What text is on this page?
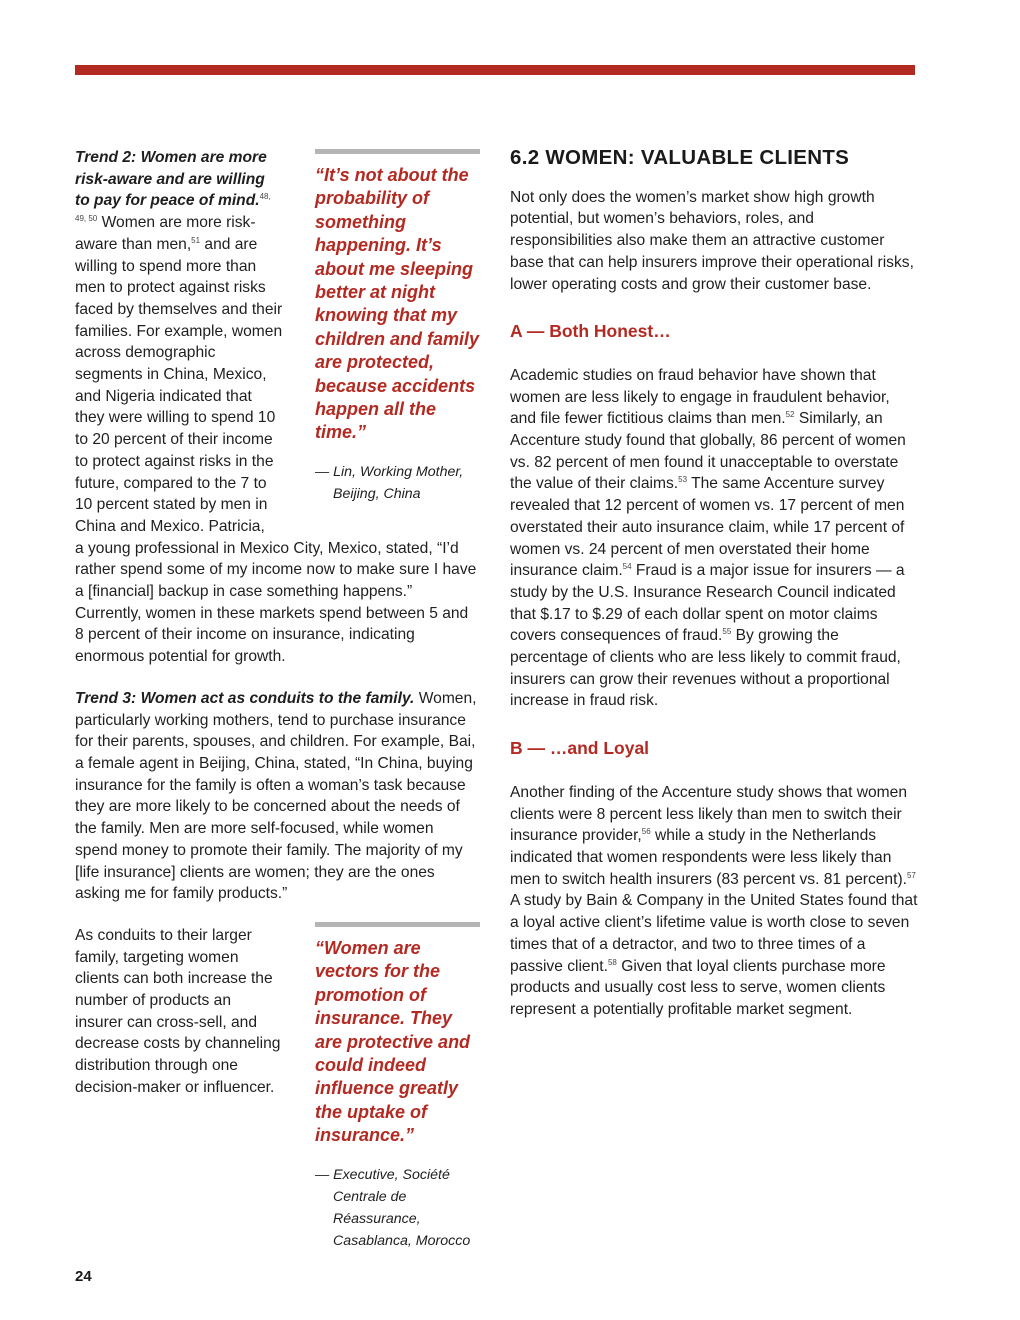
Trend 2: Women are more risk-aware and are willing to pay for peace of mind.$^{48, 49, 50}$ Women are more risk-aware than men,$^{51}$ and are willing to spend more than men to protect against risks faced by themselves and their families. For example, women across demographic segments in China, Mexico, and Nigeria indicated that they were willing to spend 10 to 20 percent of their income to protect against risks in the future, compared to the 7 to 10 percent stated by men in China and Mexico. Patricia,
a young professional in Mexico City, Mexico, stated, “I’d rather spend some of my income now to make sure I have a [financial] backup in case something happens.” Currently, women in these markets spend between 5 and 8 percent of their income on insurance, indicating enormous potential for growth.

Trend 3: Women act as conduits to the family. Women, particularly working mothers, tend to purchase insurance for their parents, spouses, and children. For example, Bai, a female agent in Beijing, China, stated, “In China, buying insurance for the family is often a woman’s task because they are more likely to be concerned about the needs of the family. Men are more self-focused, while women spend money to promote their family. The majority of my [life insurance] clients are women; they are the ones asking me for family products.”

As conduits to their larger family, targeting women clients can both increase the number of products an insurer can cross-sell, and decrease costs by channeling distribution through one decision-maker or influencer.

“It’s not about the probability of something happening. It’s about me sleeping better at night knowing that my children and family are protected, because accidents happen all the time.”
— Lin, Working Mother, Beijing, China
“Women are vectors for the promotion of insurance. They are protective and could indeed influence greatly the uptake of insurance.”
— Executive, Société Centrale de Réassurance, Casablanca, Morocco
6.2 WOMEN: VALUABLE CLIENTS

Not only does the women’s market show high growth potential, but women’s behaviors, roles, and responsibilities also make them an attractive customer base that can help insurers improve their operational risks, lower operating costs and grow their customer base.

A — Both Honest…

Academic studies on fraud behavior have shown that women are less likely to engage in fraudulent behavior, and file fewer fictitious claims than men.$^{52}$ Similarly, an Accenture study found that globally, 86 percent of women vs. 82 percent of men found it unacceptable to overstate the value of their claims.$^{53}$ The same Accenture survey revealed that 12 percent of women vs. 17 percent of men overstated their auto insurance claim, while 17 percent of women vs. 24 percent of men overstated their home insurance claim.$^{54}$ Fraud is a major issue for insurers — a study by the U.S. Insurance Research Council indicated that $.17 to $.29 of each dollar spent on motor claims covers consequences of fraud.$^{55}$ By growing the percentage of clients who are less likely to commit fraud, insurers can grow their revenues without a proportional increase in fraud risk.

B — …and Loyal

Another finding of the Accenture study shows that women clients were 8 percent less likely than men to switch their insurance provider,$^{56}$ while a study in the Netherlands indicated that women respondents were less likely than men to switch health insurers (83 percent vs. 81 percent).$^{57}$ A study by Bain & Company in the United States found that a loyal active client’s lifetime value is worth close to seven times that of a detractor, and two to three times of a passive client.$^{58}$ Given that loyal clients purchase more products and usually cost less to serve, women clients represent a potentially profitable market segment.

24
